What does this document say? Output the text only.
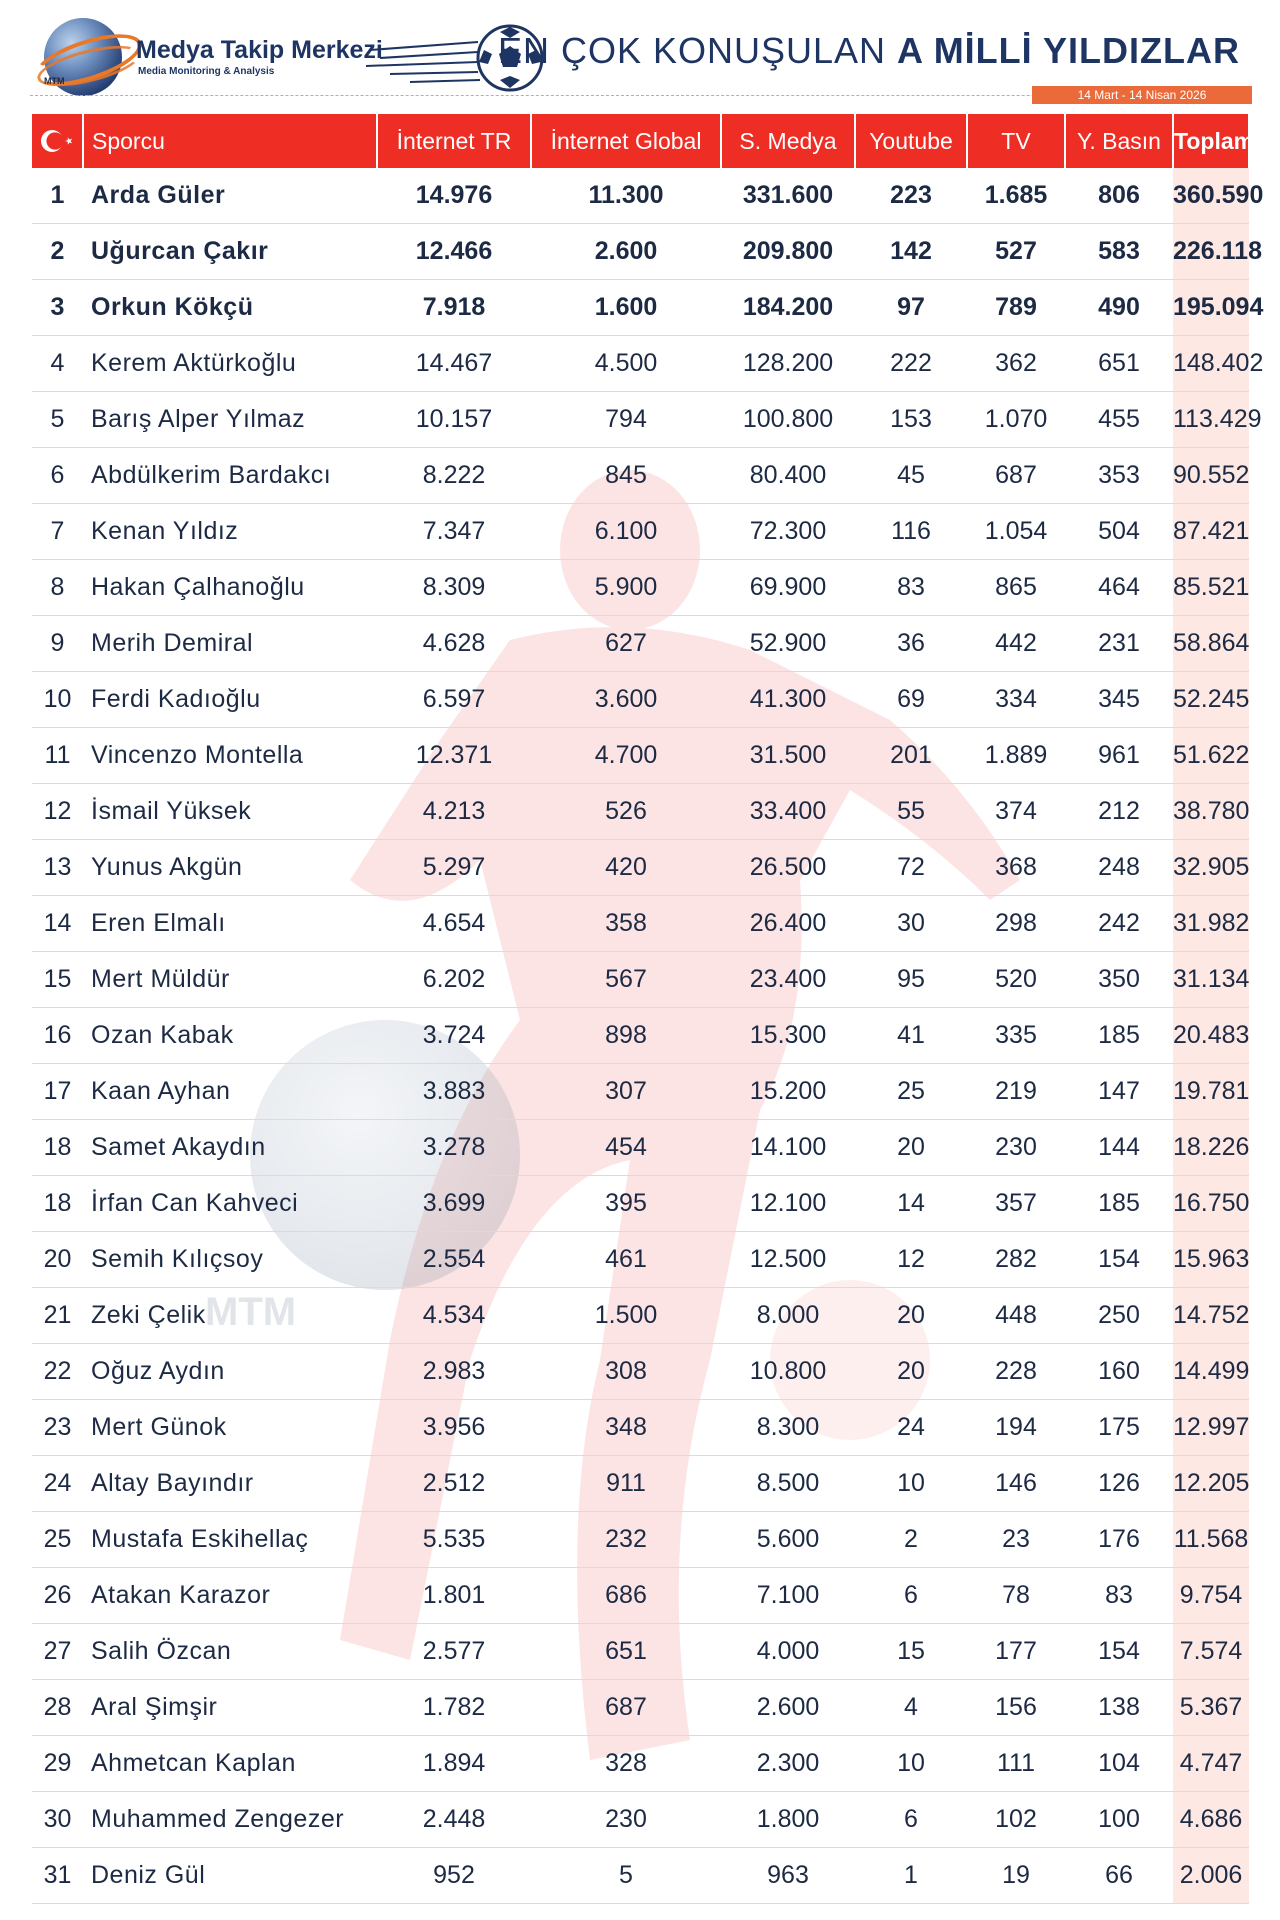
MTM
Medya Takip Merkezi
Media Monitoring & Analysis
EN ÇOK KONUŞULAN A MİLLİ YILDIZLAR
14 Mart - 14 Nisan 2026
MTM
	Sporcu	İnternet TR	İnternet Global	S. Medya	Youtube	TV	Y. Basın	Toplam
1	Arda Güler	14.976	11.300	331.600	223	1.685	806	360.590
2	Uğurcan Çakır	12.466	2.600	209.800	142	527	583	226.118
3	Orkun Kökçü	7.918	1.600	184.200	97	789	490	195.094
4	Kerem Aktürkoğlu	14.467	4.500	128.200	222	362	651	148.402
5	Barış Alper Yılmaz	10.157	794	100.800	153	1.070	455	113.429
6	Abdülkerim Bardakcı	8.222	845	80.400	45	687	353	90.552
7	Kenan Yıldız	7.347	6.100	72.300	116	1.054	504	87.421
8	Hakan Çalhanoğlu	8.309	5.900	69.900	83	865	464	85.521
9	Merih Demiral	4.628	627	52.900	36	442	231	58.864
10	Ferdi Kadıoğlu	6.597	3.600	41.300	69	334	345	52.245
11	Vincenzo Montella	12.371	4.700	31.500	201	1.889	961	51.622
12	İsmail Yüksek	4.213	526	33.400	55	374	212	38.780
13	Yunus Akgün	5.297	420	26.500	72	368	248	32.905
14	Eren Elmalı	4.654	358	26.400	30	298	242	31.982
15	Mert Müldür	6.202	567	23.400	95	520	350	31.134
16	Ozan Kabak	3.724	898	15.300	41	335	185	20.483
17	Kaan Ayhan	3.883	307	15.200	25	219	147	19.781
18	Samet Akaydın	3.278	454	14.100	20	230	144	18.226
18	İrfan Can Kahveci	3.699	395	12.100	14	357	185	16.750
20	Semih Kılıçsoy	2.554	461	12.500	12	282	154	15.963
21	Zeki Çelik	4.534	1.500	8.000	20	448	250	14.752
22	Oğuz Aydın	2.983	308	10.800	20	228	160	14.499
23	Mert Günok	3.956	348	8.300	24	194	175	12.997
24	Altay Bayındır	2.512	911	8.500	10	146	126	12.205
25	Mustafa Eskihellaç	5.535	232	5.600	2	23	176	11.568
26	Atakan Karazor	1.801	686	7.100	6	78	83	9.754
27	Salih Özcan	2.577	651	4.000	15	177	154	7.574
28	Aral Şimşir	1.782	687	2.600	4	156	138	5.367
29	Ahmetcan Kaplan	1.894	328	2.300	10	111	104	4.747
30	Muhammed Zengezer	2.448	230	1.800	6	102	100	4.686
31	Deniz Gül	952	5	963	1	19	66	2.006
